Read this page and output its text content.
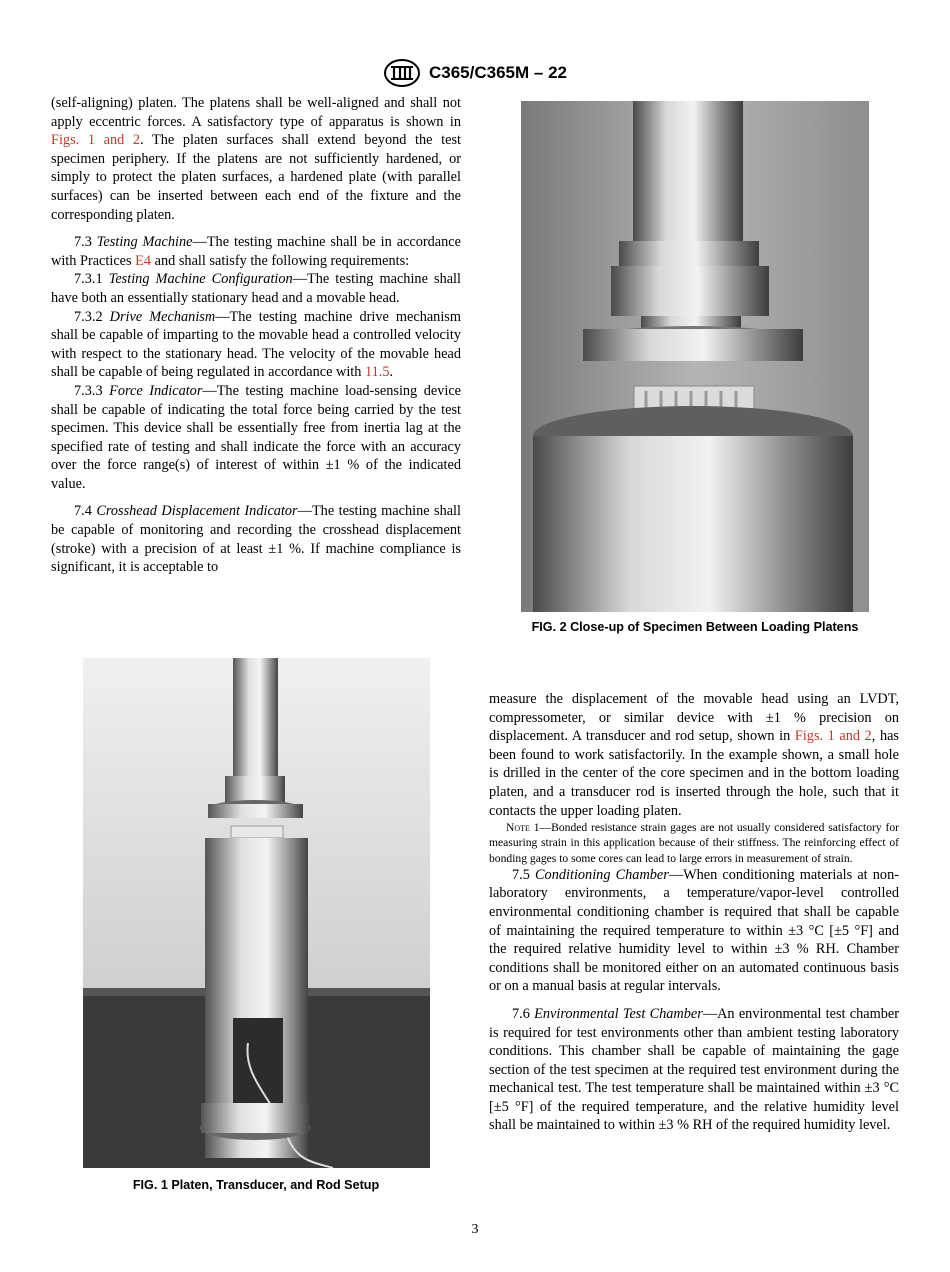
C365/C365M – 22

(self-aligning) platen. The platens shall be well-aligned and shall not apply eccentric forces. A satisfactory type of apparatus is shown in Figs. 1 and 2. The platen surfaces shall extend beyond the test specimen periphery. If the platens are not sufficiently hardened, or simply to protect the platen surfaces, a hardened plate (with parallel surfaces) can be inserted between each end of the fixture and the corresponding platen.

7.3 Testing Machine—The testing machine shall be in accordance with Practices E4 and shall satisfy the following requirements:

7.3.1 Testing Machine Configuration—The testing machine shall have both an essentially stationary head and a movable head.

7.3.2 Drive Mechanism—The testing machine drive mechanism shall be capable of imparting to the movable head a controlled velocity with respect to the stationary head. The velocity of the movable head shall be capable of being regulated in accordance with 11.5.

7.3.3 Force Indicator—The testing machine load-sensing device shall be capable of indicating the total force being carried by the test specimen. This device shall be essentially free from inertia lag at the specified rate of testing and shall indicate the force with an accuracy over the force range(s) of interest of within ±1 % of the indicated value.

7.4 Crosshead Displacement Indicator—The testing machine shall be capable of monitoring and recording the crosshead displacement (stroke) with a precision of at least ±1 %. If machine compliance is significant, it is acceptable to

FIG. 2 Close-up of Specimen Between Loading Platens
FIG. 1 Platen, Transducer, and Rod Setup

measure the displacement of the movable head using an LVDT, compressometer, or similar device with ±1 % precision on displacement. A transducer and rod setup, shown in Figs. 1 and 2, has been found to work satisfactorily. In the example shown, a small hole is drilled in the center of the core specimen and in the bottom loading platen, and a transducer rod is inserted through the hole, such that it contacts the upper loading platen.

Note 1—Bonded resistance strain gages are not usually considered satisfactory for measuring strain in this application because of their stiffness. The reinforcing effect of bonding gages to some cores can lead to large errors in measurement of strain.

7.5 Conditioning Chamber—When conditioning materials at non-laboratory environments, a temperature/vapor-level controlled environmental conditioning chamber is required that shall be capable of maintaining the required temperature to within ±3 °C [±5 °F] and the required relative humidity level to within ±3 % RH. Chamber conditions shall be monitored either on an automated continuous basis or on a manual basis at regular intervals.

7.6 Environmental Test Chamber—An environmental test chamber is required for test environments other than ambient testing laboratory conditions. This chamber shall be capable of maintaining the gage section of the test specimen at the required test environment during the mechanical test. The test temperature shall be maintained within ±3 °C [±5 °F] of the required temperature, and the relative humidity level shall be maintained to within ±3 % RH of the required humidity level.

3
